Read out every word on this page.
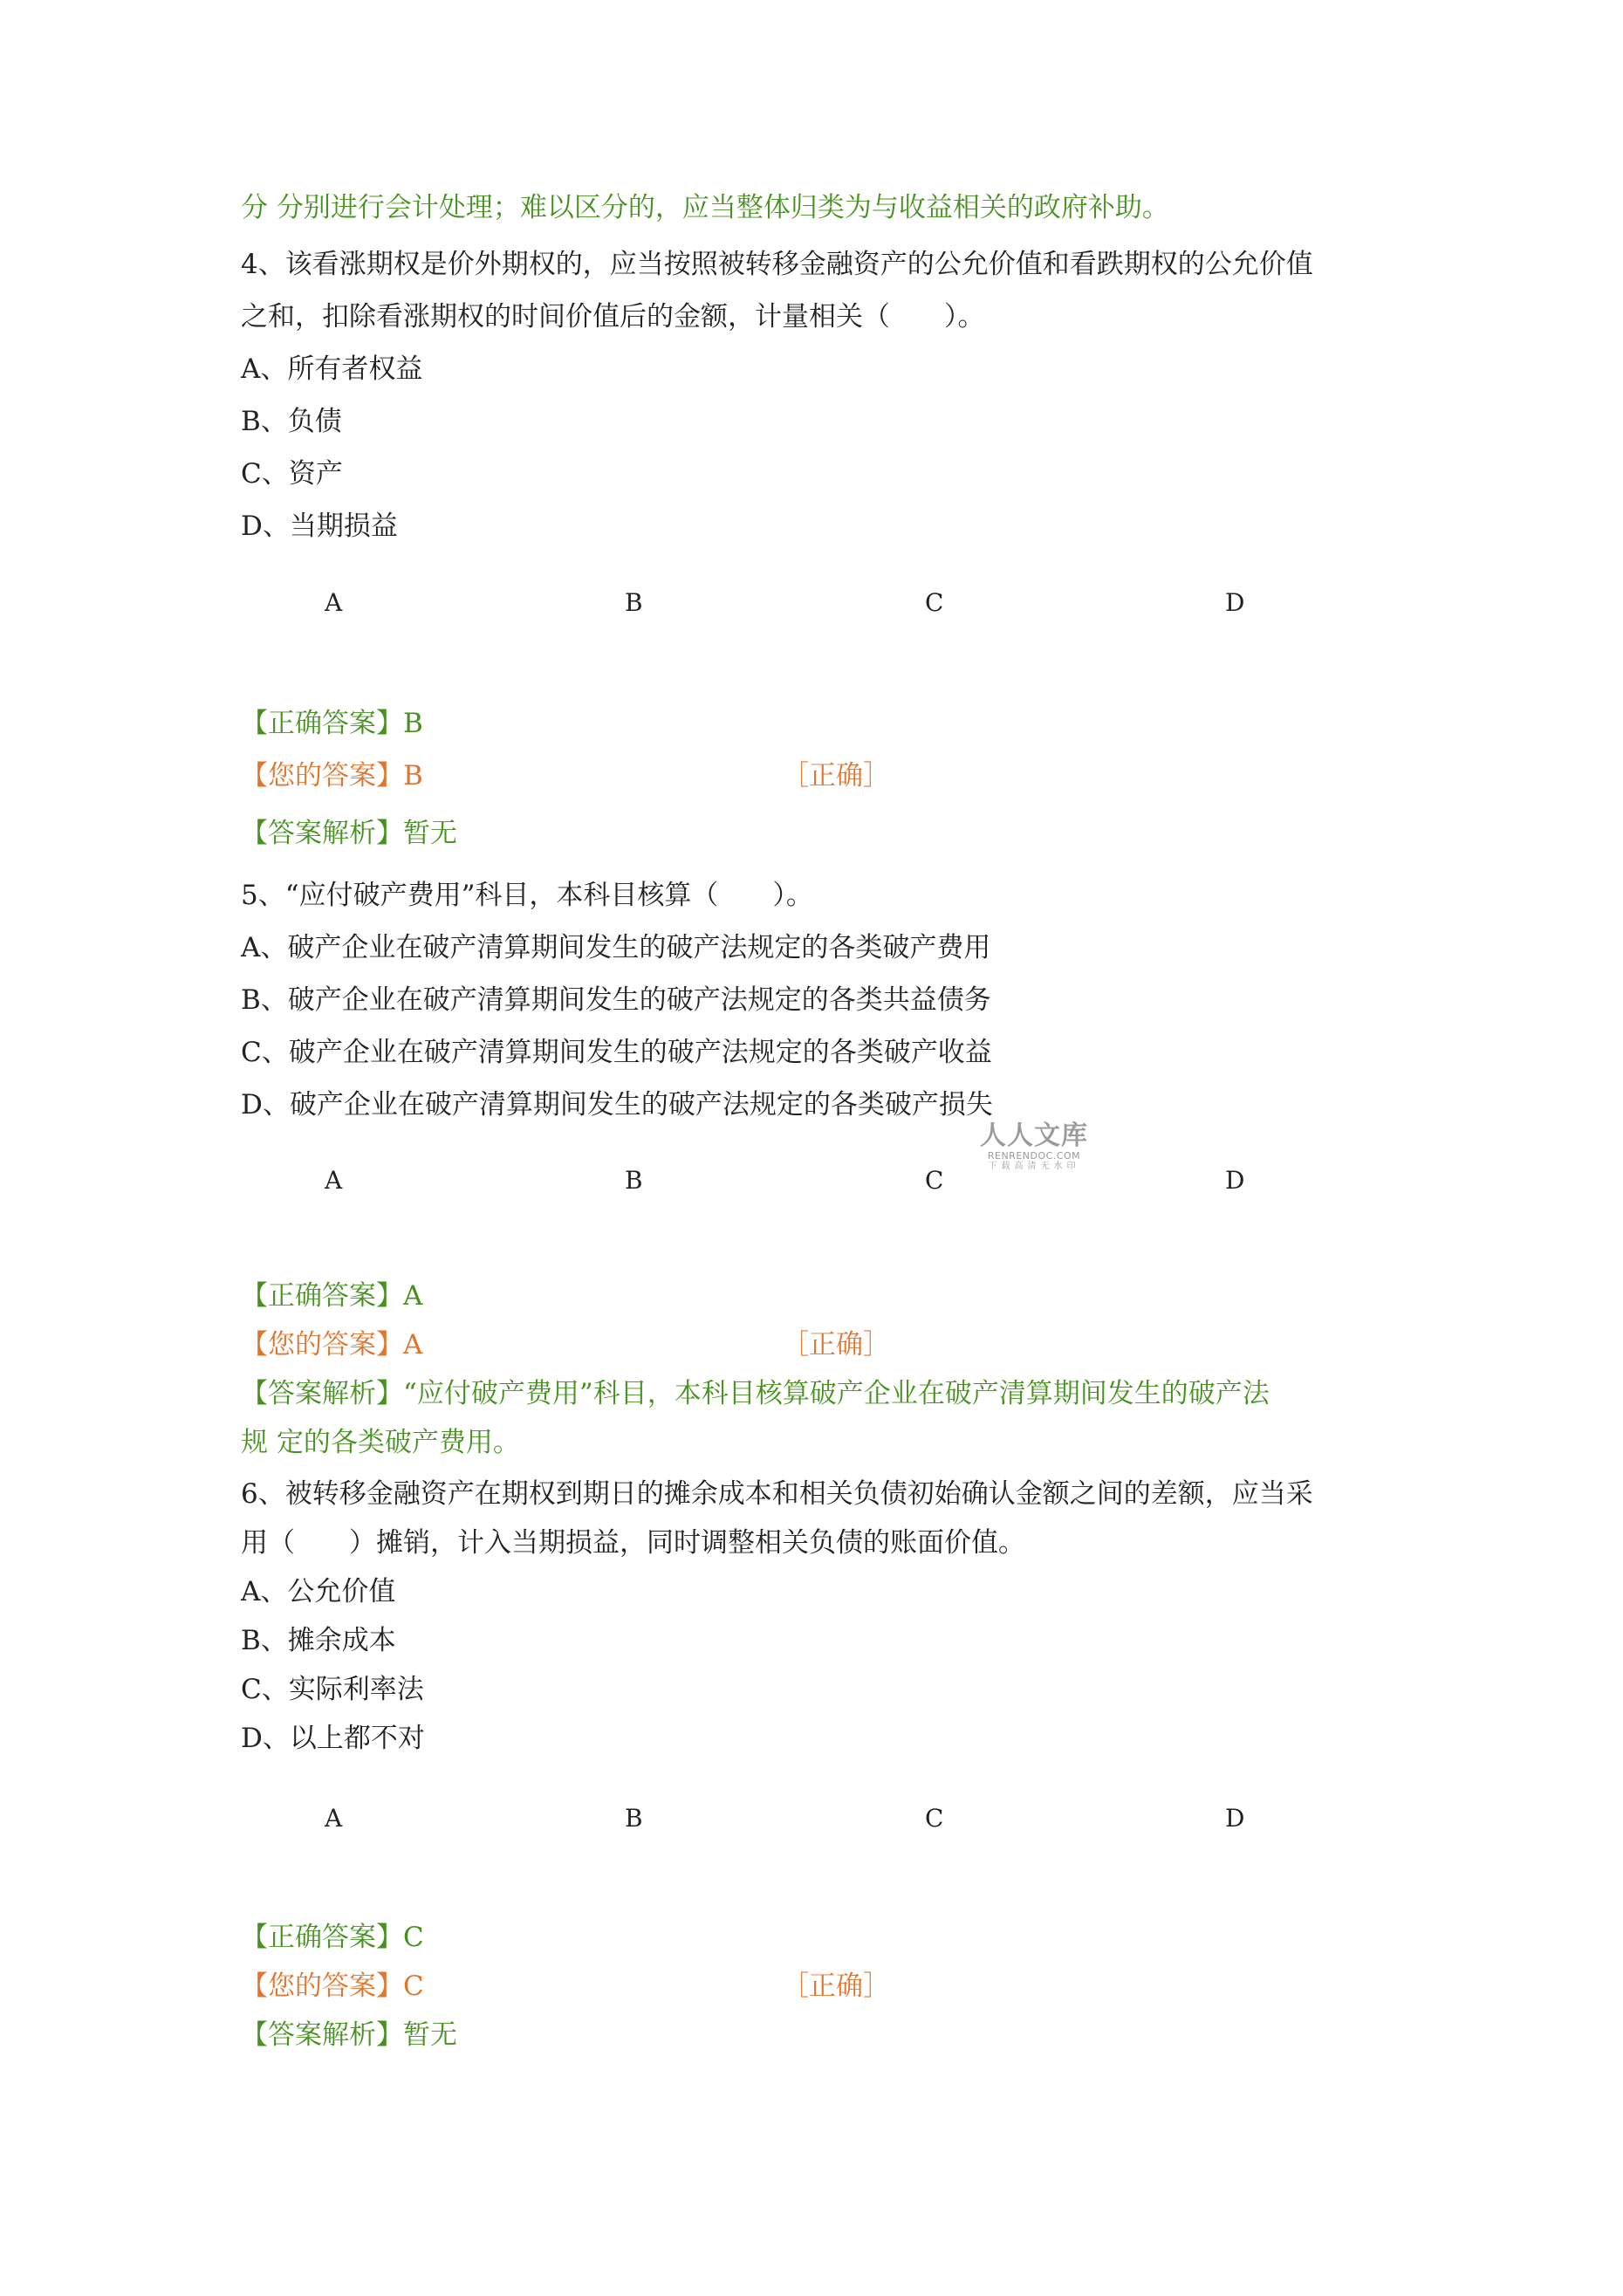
分 分别进行会计处理；难以区分的，应当整体归类为与收益相关的政府补助。
4、该看涨期权是价外期权的，应当按照被转移金融资产的公允价值和看跌期权的公允价值
之和，扣除看涨期权的时间价值后的金额，计量相关（　　）。
A、所有者权益
B、负债
C、资产
D、当期损益
A	B	C	D
【正确答案】B
【您的答案】B	［正确］
【答案解析】暂无
5、“应付破产费用”科目，本科目核算（　　）。
A、破产企业在破产清算期间发生的破产法规定的各类破产费用
B、破产企业在破产清算期间发生的破产法规定的各类共益债务
C、破产企业在破产清算期间发生的破产法规定的各类破产收益
D、破产企业在破产清算期间发生的破产法规定的各类破产损失
A	B	C	D
人人文库
RENRENDOC.COM
下载高清无水印
【正确答案】A
【您的答案】A	［正确］
【答案解析】“应付破产费用”科目，本科目核算破产企业在破产清算期间发生的破产法
规 定的各类破产费用。
6、被转移金融资产在期权到期日的摊余成本和相关负债初始确认金额之间的差额，应当采
用（　　）摊销，计入当期损益，同时调整相关负债的账面价值。
A、公允价值
B、摊余成本
C、实际利率法
D、以上都不对
A	B	C	D
【正确答案】C
【您的答案】C	［正确］
【答案解析】暂无
